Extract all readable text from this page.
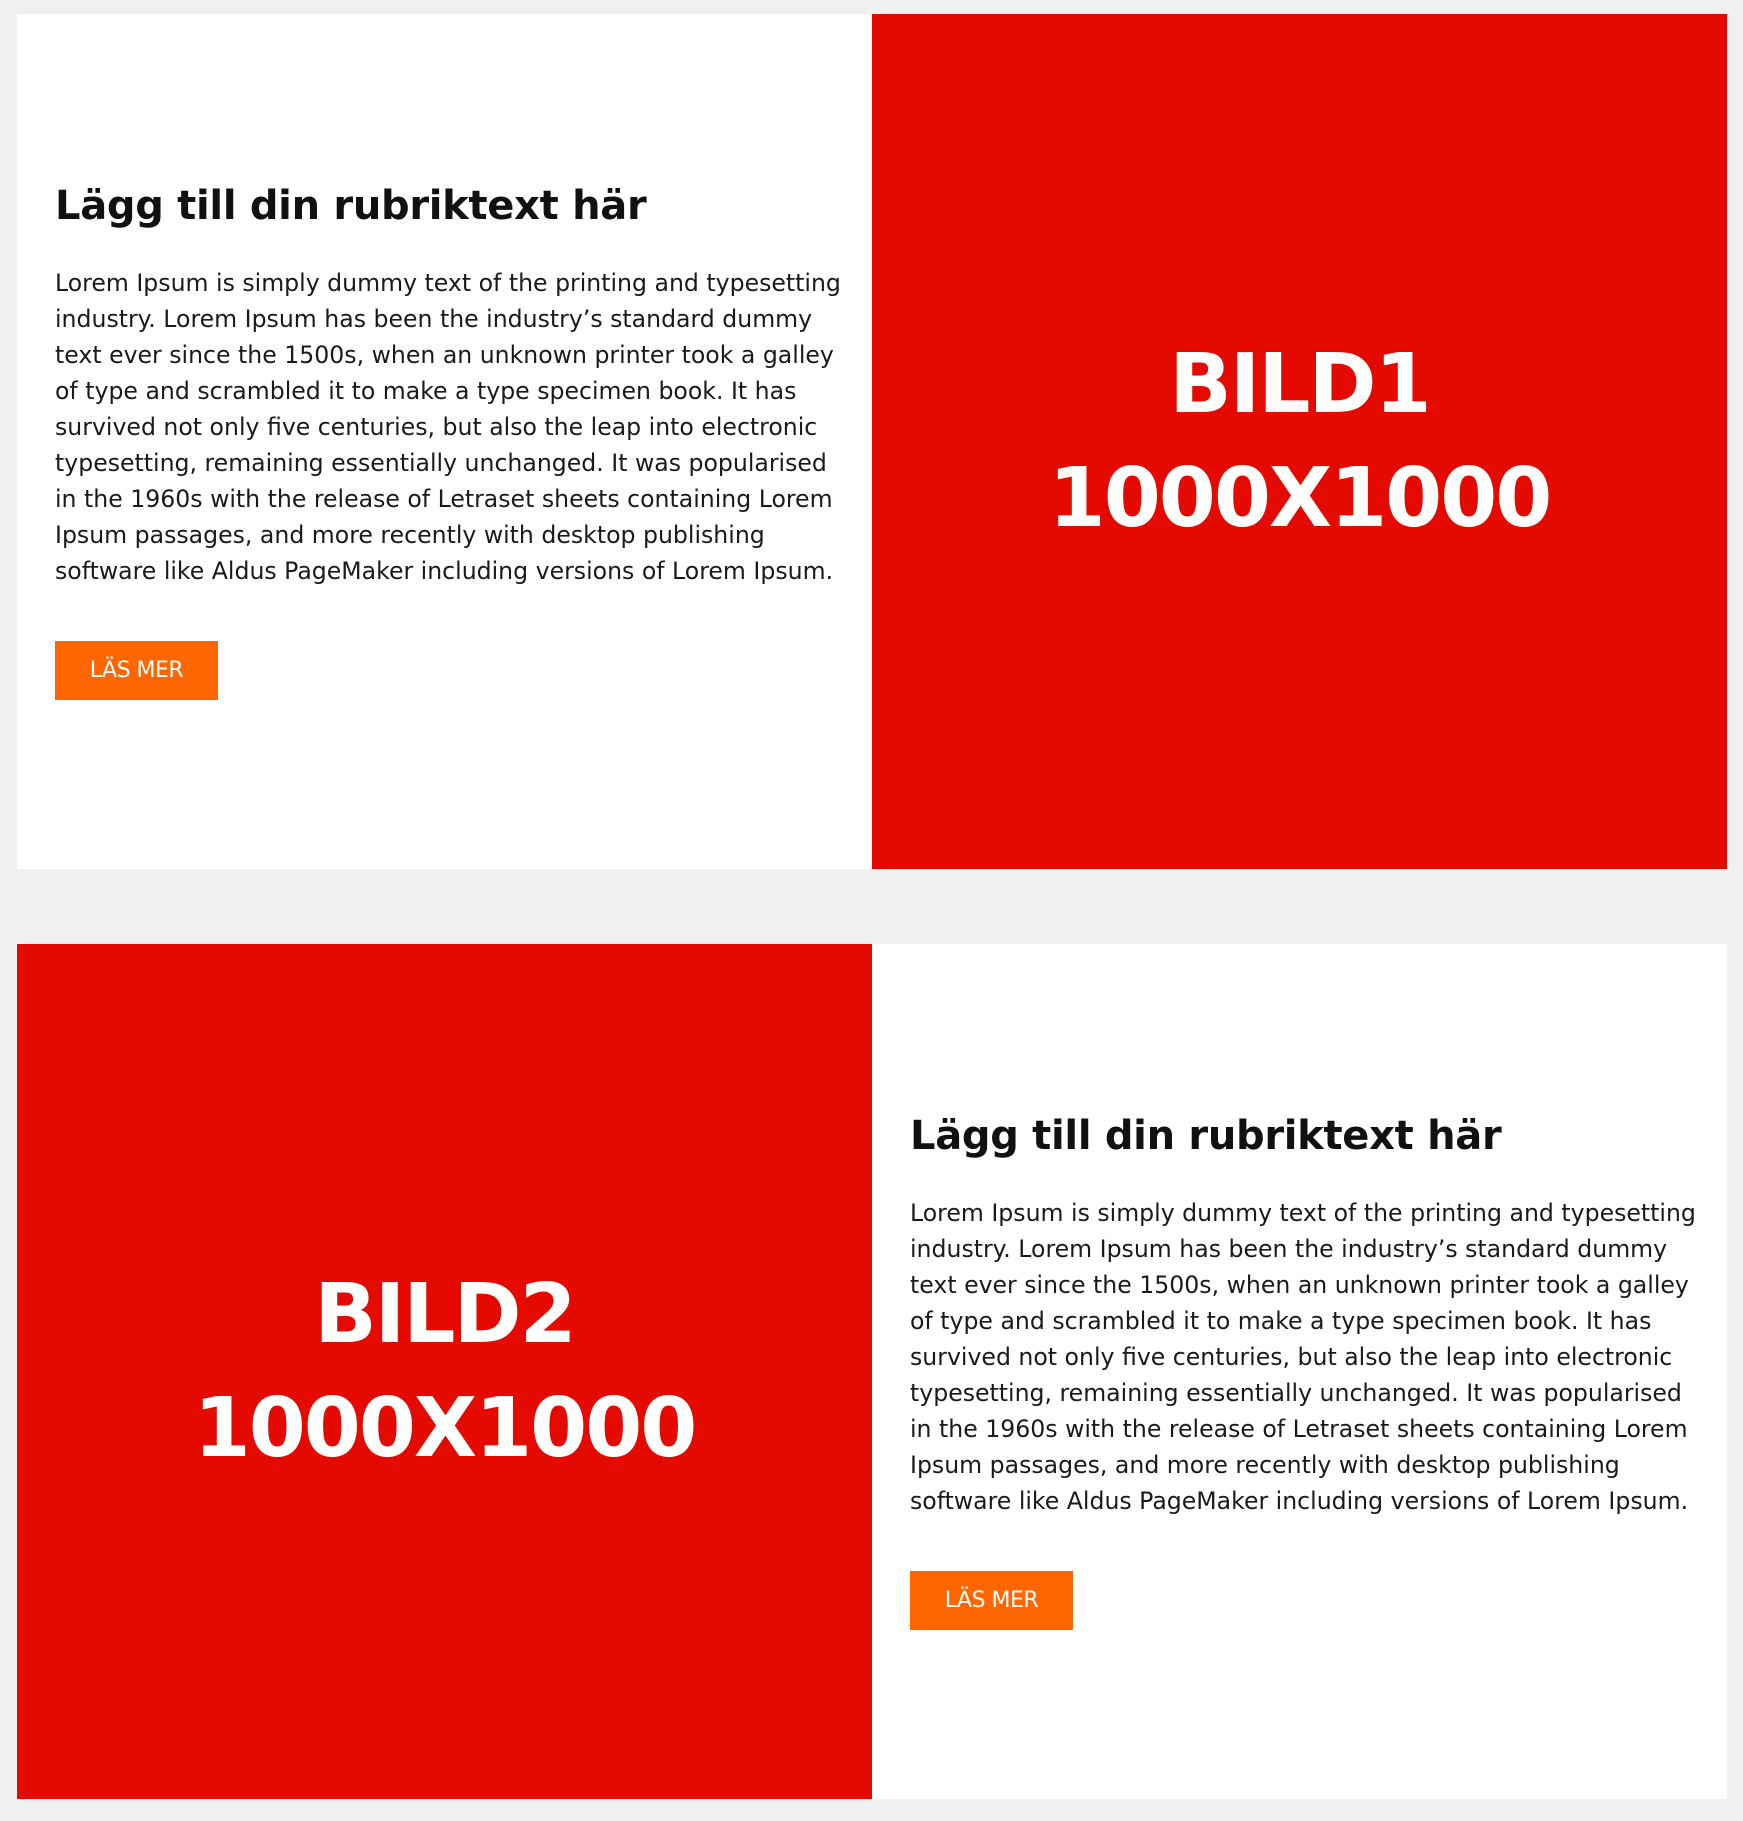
Lägg till din rubriktext här

Lorem Ipsum is simply dummy text of the printing and typesetting industry. Lorem Ipsum has been the industry’s standard dummy text ever since the 1500s, when an unknown printer took a galley of type and scrambled it to make a type specimen book. It has survived not only five centuries, but also the leap into electronic typesetting, remaining essentially unchanged. It was popularised in the 1960s with the release of Letraset sheets containing Lorem Ipsum passages, and more recently with desktop publishing software like Aldus PageMaker including versions of Lorem Ipsum.

LÄS MER
BILD1
1000X1000
BILD2
1000X1000
Lägg till din rubriktext här

Lorem Ipsum is simply dummy text of the printing and typesetting industry. Lorem Ipsum has been the industry’s standard dummy text ever since the 1500s, when an unknown printer took a galley of type and scrambled it to make a type specimen book. It has survived not only five centuries, but also the leap into electronic typesetting, remaining essentially unchanged. It was popularised in the 1960s with the release of Letraset sheets containing Lorem Ipsum passages, and more recently with desktop publishing software like Aldus PageMaker including versions of Lorem Ipsum.

LÄS MER
